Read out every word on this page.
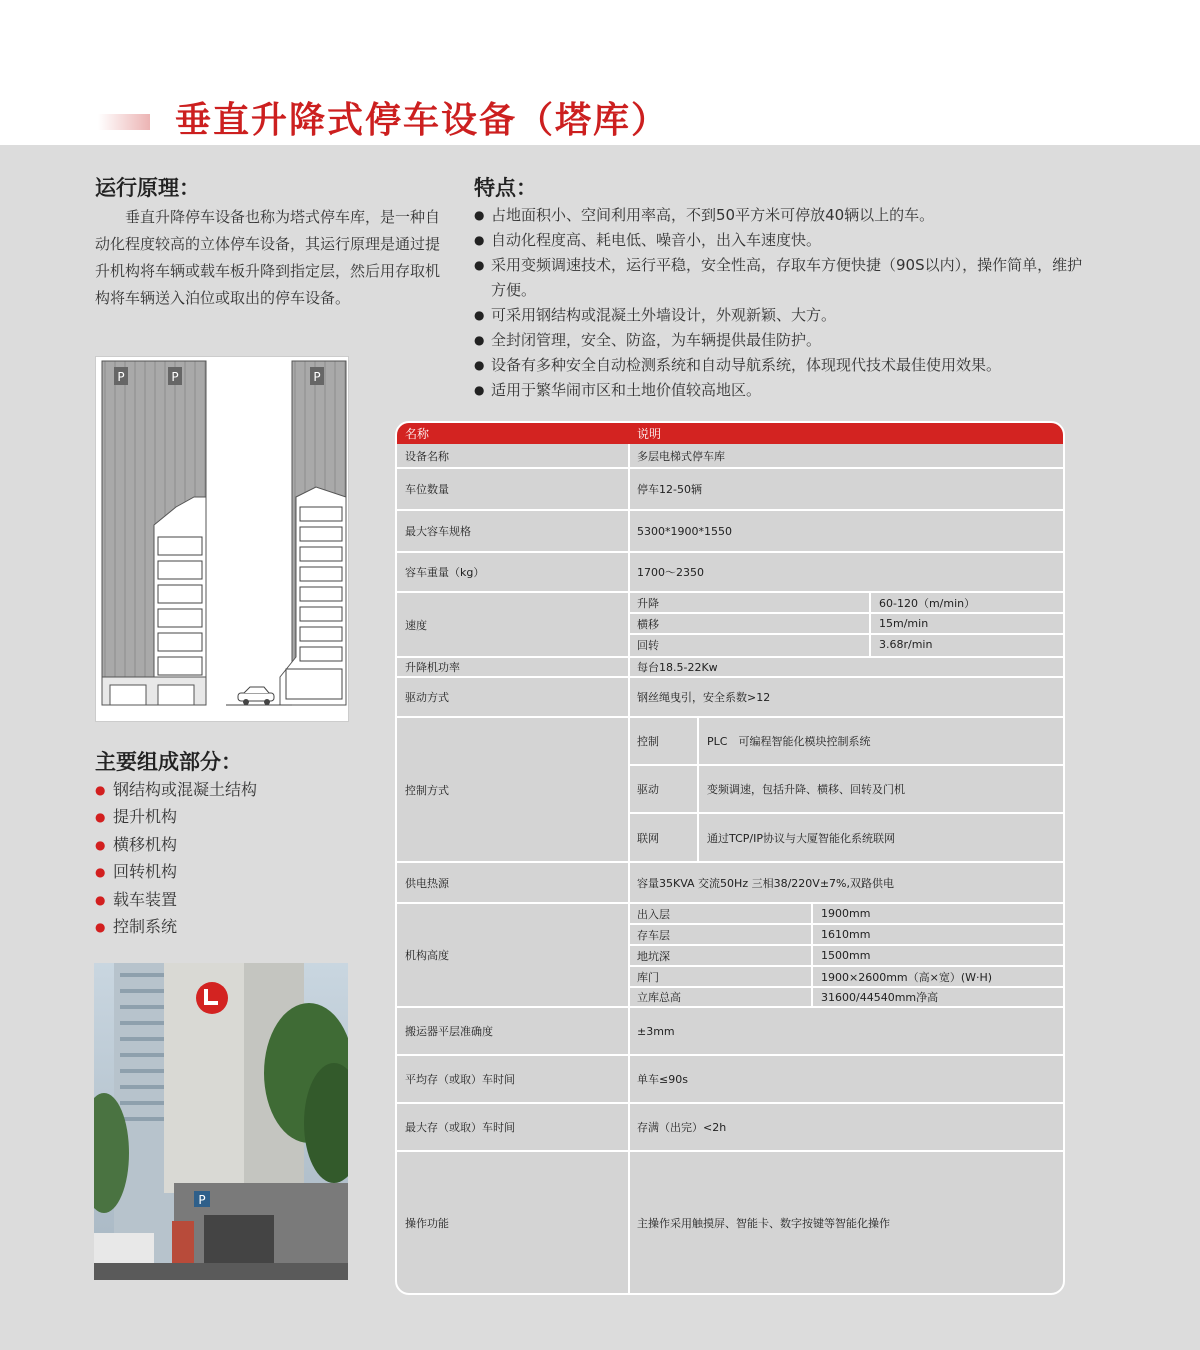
垂直升降式停车设备（塔库）
运行原理：

垂直升降停车设备也称为塔式停车库，是一种自动化程度较高的立体停车设备，其运行原理是通过提升机构将车辆或载车板升降到指定层，然后用存取机构将车辆送入泊位或取出的停车设备。

特点：
● 占地面积小、空间利用率高，不到50平方米可停放40辆以上的车。
● 自动化程度高、耗电低、噪音小，出入车速度快。
● 采用变频调速技术，运行平稳，安全性高，存取车方便快捷（90S以内），操作简单，维护方便。
● 可采用钢结构或混凝土外墙设计，外观新颖、大方。
● 全封闭管理，安全、防盗，为车辆提供最佳防护。
● 设备有多种安全自动检测系统和自动导航系统，体现现代技术最佳使用效果。
● 适用于繁华闹市区和土地价值较高地区。
P	P	P
主要组成部分：
● 钢结构或混凝土结构
● 提升机构
● 横移机构
● 回转机构
● 载车装置
● 控制系统
P
名称	说明
设备名称	多层电梯式停车库
车位数量	停车12-50辆
最大容车规格	5300*1900*1550
容车重量（kg）	1700～2350
速度
升降	60-120（m/min）
横移	15m/min
回转	3.68r/min
升降机功率	每台18.5-22Kw
驱动方式	钢丝绳曳引，安全系数>12
控制方式
控制	PLC　可编程智能化模块控制系统
驱动	变频调速，包括升降、横移、回转及门机
联网	通过TCP/IP协议与大厦智能化系统联网
供电热源	容量35KVA 交流50Hz 三相38/220V±7%,双路供电
机构高度
出入层	1900mm
存车层	1610mm
地坑深	1500mm
库门	1900×2600mm（高×宽）(W·H)
立库总高	31600/44540mm净高
搬运器平层准确度	±3mm
平均存（或取）车时间	单车≤90s
最大存（或取）车时间	存满（出完）<2h
操作功能	主操作采用触摸屏、智能卡、数字按键等智能化操作
